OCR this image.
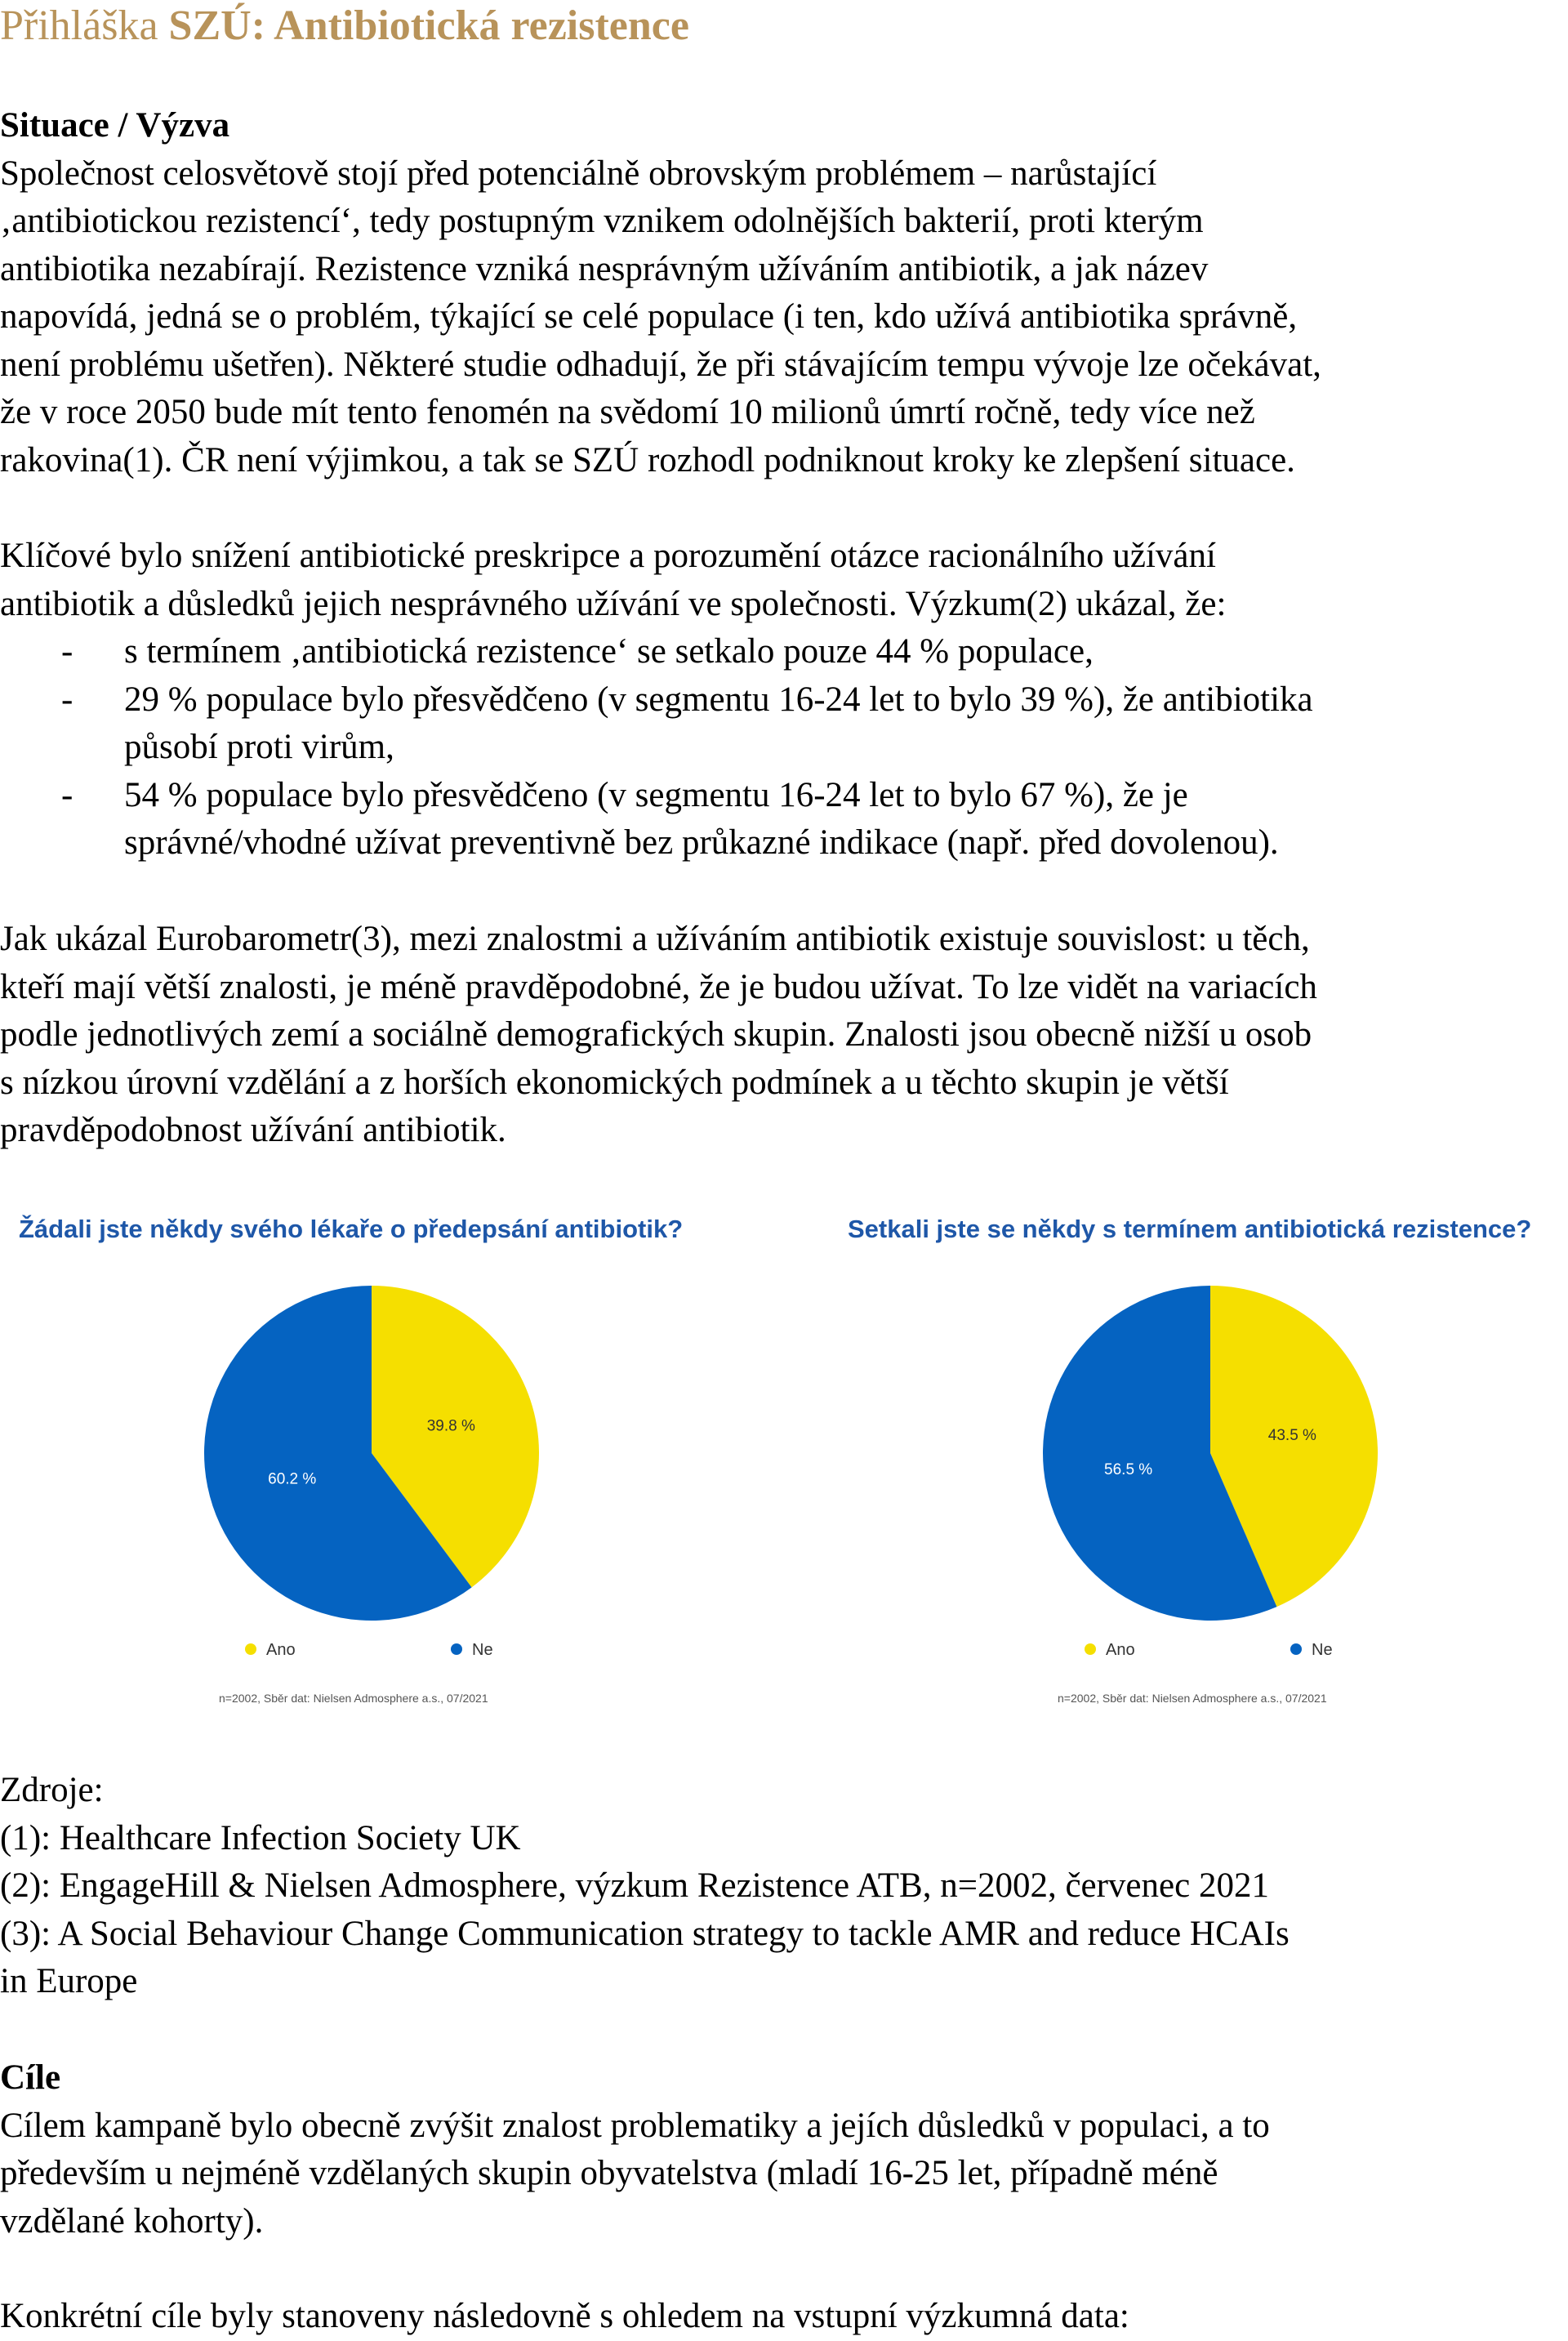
Přihláška SZÚ: Antibiotická rezistence
Situace / Výzva
Společnost celosvětově stojí před potenciálně obrovským problémem – narůstající
‚antibiotickou rezistencí‘, tedy postupným vznikem odolnějších bakterií, proti kterým
antibiotika nezabírají. Rezistence vzniká nesprávným užíváním antibiotik, a jak název
napovídá, jedná se o problém, týkající se celé populace (i ten, kdo užívá antibiotika správně,
není problému ušetřen). Některé studie odhadují, že při stávajícím tempu vývoje lze očekávat,
že v roce 2050 bude mít tento fenomén na svědomí 10 milionů úmrtí ročně, tedy více než
rakovina(1). ČR není výjimkou, a tak se SZÚ rozhodl podniknout kroky ke zlepšení situace.
Klíčové bylo snížení antibiotické preskripce a porozumění otázce racionálního užívání
antibiotik a důsledků jejich nesprávného užívání ve společnosti. Výzkum(2) ukázal, že:
- s termínem ‚antibiotická rezistence‘ se setkalo pouze 44 % populace,
- 29 % populace bylo přesvědčeno (v segmentu 16-24 let to bylo 39 %), že antibiotika
působí proti virům,
- 54 % populace bylo přesvědčeno (v segmentu 16-24 let to bylo 67 %), že je
správné/vhodné užívat preventivně bez průkazné indikace (např. před dovolenou).
Jak ukázal Eurobarometr(3), mezi znalostmi a užíváním antibiotik existuje souvislost: u těch,
kteří mají větší znalosti, je méně pravděpodobné, že je budou užívat. To lze vidět na variacích
podle jednotlivých zemí a sociálně demografických skupin. Znalosti jsou obecně nižší u osob
s nízkou úrovní vzdělání a z horších ekonomických podmínek a u těchto skupin je větší
pravděpodobnost užívání antibiotik.
Žádali jste někdy svého lékaře o předepsání antibiotik?
39.8 %
60.2 %
Ano	Ne
n=2002, Sběr dat: Nielsen Admosphere a.s., 07/2021
Setkali jste se někdy s termínem antibiotická rezistence?
43.5 %
56.5 %
Ano	Ne
n=2002, Sběr dat: Nielsen Admosphere a.s., 07/2021
Zdroje:
(1): Healthcare Infection Society UK
(2): EngageHill & Nielsen Admosphere, výzkum Rezistence ATB, n=2002, červenec 2021
(3): A Social Behaviour Change Communication strategy to tackle AMR and reduce HCAIs
in Europe
Cíle
Cílem kampaně bylo obecně zvýšit znalost problematiky a jejích důsledků v populaci, a to
především u nejméně vzdělaných skupin obyvatelstva (mladí 16-25 let, případně méně
vzdělané kohorty).
Konkrétní cíle byly stanoveny následovně s ohledem na vstupní výzkumná data:
